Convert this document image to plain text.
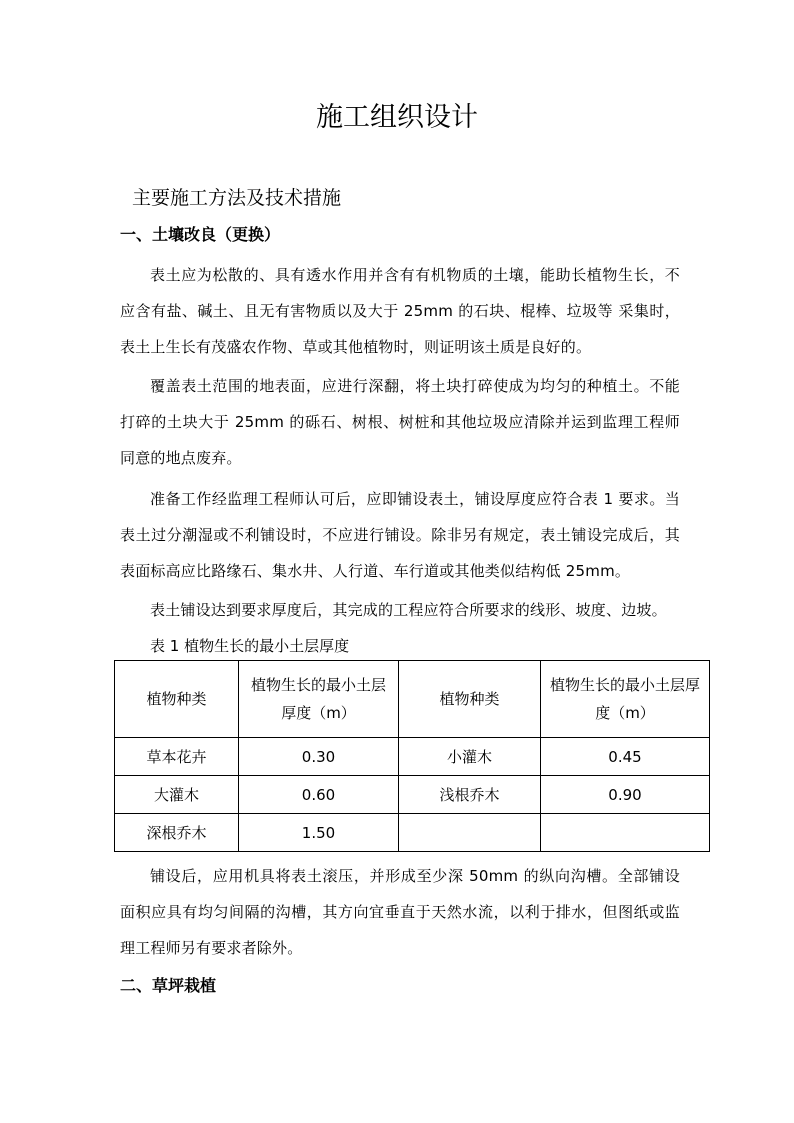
施工组织设计
主要施工方法及技术措施
一、土壤改良（更换）
表土应为松散的、具有透水作用并含有有机物质的土壤，能助长植物生长，不应含有盐、碱土、且无有害物质以及大于 25mm 的石块、棍棒、垃圾等 采集时，表土上生长有茂盛农作物、草或其他植物时，则证明该土质是良好的。
覆盖表土范围的地表面，应进行深翻，将土块打碎使成为均匀的种植土。不能打碎的土块大于 25mm 的砾石、树根、树桩和其他垃圾应清除并运到监理工程师同意的地点废弃。
准备工作经监理工程师认可后，应即铺设表土，铺设厚度应符合表 1 要求。当表土过分潮湿或不利铺设时，不应进行铺设。除非另有规定，表土铺设完成后，其表面标高应比路缘石、集水井、人行道、车行道或其他类似结构低 25mm。
表土铺设达到要求厚度后，其完成的工程应符合所要求的线形、坡度、边坡。
表 1 植物生长的最小土层厚度
植物种类	植物生长的最小土层厚度（m）	植物种类	植物生长的最小土层厚度（m）
草本花卉	0.30	小灌木	0.45
大灌木	0.60	浅根乔木	0.90
深根乔木	1.50		
铺设后，应用机具将表土滚压，并形成至少深 50mm 的纵向沟槽。全部铺设面积应具有均匀间隔的沟槽，其方向宜垂直于天然水流，以利于排水，但图纸或监理工程师另有要求者除外。
二、草坪栽植
